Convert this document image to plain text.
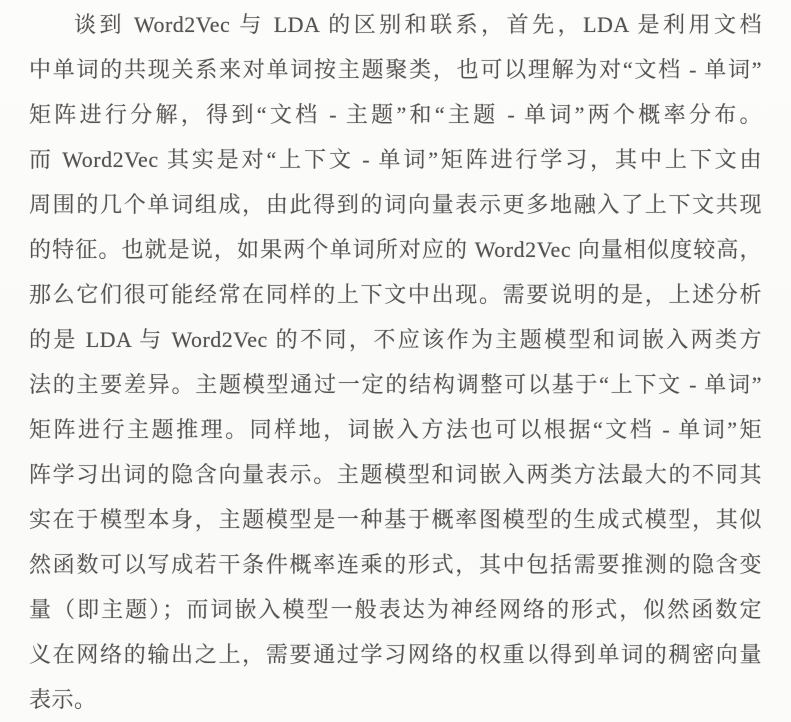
谈到 Word2Vec 与 LDA 的区别和联系，首先，LDA 是利用文档
中单词的共现关系来对单词按主题聚类，也可以理解为对“文档 - 单词”
矩阵进行分解，得到“文档 - 主题”和“主题 - 单词”两个概率分布。
而 Word2Vec 其实是对“上下文 - 单词”矩阵进行学习，其中上下文由
周围的几个单词组成，由此得到的词向量表示更多地融入了上下文共现
的特征。也就是说，如果两个单词所对应的 Word2Vec 向量相似度较高，
那么它们很可能经常在同样的上下文中出现。需要说明的是，上述分析
的是 LDA 与 Word2Vec 的不同，不应该作为主题模型和词嵌入两类方
法的主要差异。主题模型通过一定的结构调整可以基于“上下文 - 单词”
矩阵进行主题推理。同样地，词嵌入方法也可以根据“文档 - 单词”矩
阵学习出词的隐含向量表示。主题模型和词嵌入两类方法最大的不同其
实在于模型本身，主题模型是一种基于概率图模型的生成式模型，其似
然函数可以写成若干条件概率连乘的形式，其中包括需要推测的隐含变
量（即主题）；而词嵌入模型一般表达为神经网络的形式，似然函数定
义在网络的输出之上，需要通过学习网络的权重以得到单词的稠密向量
表示。
